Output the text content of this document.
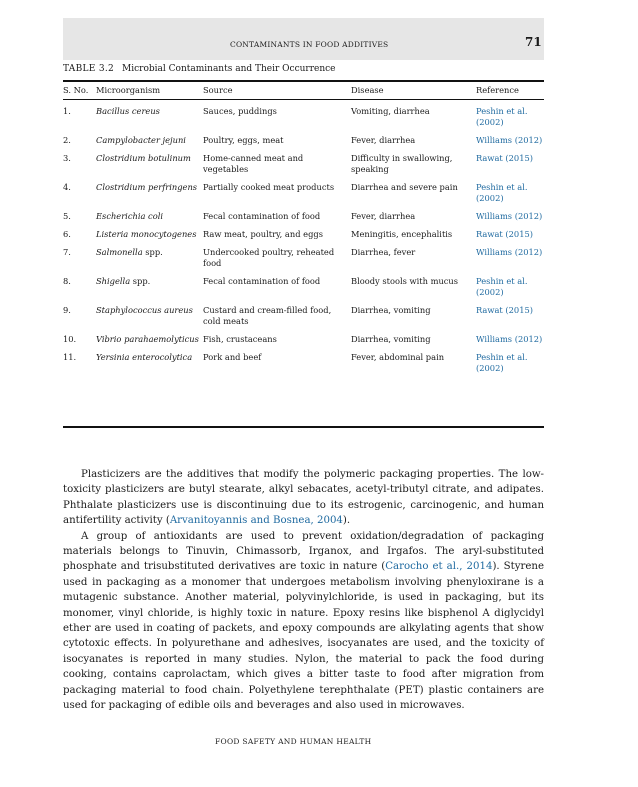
CONTAMINANTS IN FOOD ADDITIVES	71
TABLE 3.2 Microbial Contaminants and Their Occurrence
S. No.	Microorganism	Source	Disease	Reference
1.	Bacillus cereus	Sauces, puddings	Vomiting, diarrhea	Peshin et al. (2002)
2.	Campylobacter jejuni	Poultry, eggs, meat	Fever, diarrhea	Williams (2012)
3.	Clostridium botulinum	Home-canned meat and vegetables	Difficulty in swallowing, speaking	Rawat (2015)
4.	Clostridium perfringens	Partially cooked meat products	Diarrhea and severe pain	Peshin et al. (2002)
5.	Escherichia coli	Fecal contamination of food	Fever, diarrhea	Williams (2012)
6.	Listeria monocytogenes	Raw meat, poultry, and eggs	Meningitis, encephalitis	Rawat (2015)
7.	Salmonella spp.	Undercooked poultry, reheated food	Diarrhea, fever	Williams (2012)
8.	Shigella spp.	Fecal contamination of food	Bloody stools with mucus	Peshin et al. (2002)
9.	Staphylococcus aureus	Custard and cream-filled food, cold meats	Diarrhea, vomiting	Rawat (2015)
10.	Vibrio parahaemolyticus	Fish, crustaceans	Diarrhea, vomiting	Williams (2012)
11.	Yersinia enterocolytica	Pork and beef	Fever, abdominal pain	Peshin et al. (2002)

Plasticizers are the additives that modify the polymeric packaging properties. The low-toxicity plasticizers are butyl stearate, alkyl sebacates, acetyl-tributyl citrate, and adipates. Phthalate plasticizers use is discontinuing due to its estrogenic, carcinogenic, and human antifertility activity (Arvanitoyannis and Bosnea, 2004).

A group of antioxidants are used to prevent oxidation/degradation of packaging materials belongs to Tinuvin, Chimassorb, Irganox, and Irgafos. The aryl-substituted phosphate and trisubstituted derivatives are toxic in nature (Carocho et al., 2014). Styrene used in packaging as a monomer that undergoes metabolism involving phenyloxirane is a mutagenic substance. Another material, polyvinylchloride, is used in packaging, but its monomer, vinyl chloride, is highly toxic in nature. Epoxy resins like bisphenol A diglycidyl ether are used in coating of packets, and epoxy compounds are alkylating agents that show cytotoxic effects. In polyurethane and adhesives, isocyanates are used, and the toxicity of isocyanates is reported in many studies. Nylon, the material to pack the food during cooking, contains caprolactam, which gives a bitter taste to food after migration from packaging material to food chain. Polyethylene terephthalate (PET) plastic containers are used for packaging of edible oils and beverages and also used in microwaves.

FOOD SAFETY AND HUMAN HEALTH
